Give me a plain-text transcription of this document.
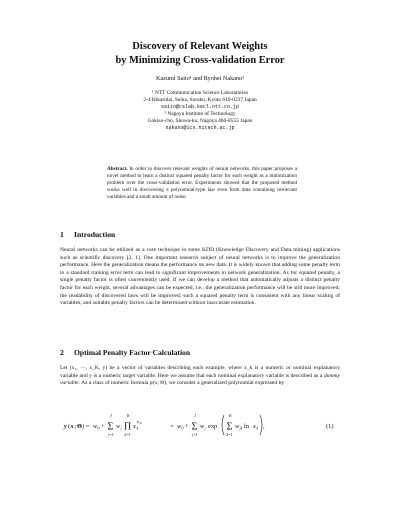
Discovery of Relevant Weights
by Minimizing Cross-validation Error
Kazumi Saito¹ and Ryohei Nakano²
¹ NTT Communication Science Laboratories
2-4 Hikaridai, Seika, Soraku, Kyoto 619-0237 Japan
saito@cslab.kecl.ntt.co.jp
² Nagoya Institute of Technology
Gokiso-cho, Showa-ku, Nagoya 466-8555 Japan
nakano@ics.nitech.ac.jp
Abstract. In order to discover relevant weights of neural networks, this paper proposes a novel method to learn a distinct squared penalty factor for each weight as a minimization problem over the cross-validation error. Experiments showed that the proposed method works well in discovering a polynomial-type law even from data containing irrelevant variables and a small amount of noise.
1 Introduction
Neural networks can be utilized as a core technique in some KDD (Knowledge Discovery and Data mining) applications such as scientific discovery [2, 1]. One important research subject of neural networks is to improve the generalization performance. Here the generalization means the performance on new data. It is widely known that adding some penalty term to a standard training error term can lead to significant improvements in network generalization. As for squared penalty, a single penalty factor is often conveniently used. If we can develop a method that automatically adjusts a distinct penalty factor for each weight, several advantages can be expected, i.e., the generalization performance will be still more improved; the readability of discovered laws will be improved; such a squared penalty term is consistent with any linear scaling of variables; and suitable penalty factors can be determined without inaccurate estimation.
2 Optimal Penalty Factor Calculation
Let (x₁, ···, x_K, y) be a vector of variables describing each example, where x_k is a numeric or nominal explanatory variable and y is a numeric target variable. Here we assume that each nominal explanatory variable is described as a dummy variable. As a class of numeric formula p(x; Θ), we consider a generalized polynomial expressed by
y ( x ; Θ ) = w 0 +
J
Σ
j =1
w j
K
Π
k =1
x k
w jk	= w 0 +
J
Σ
j =1
w j exp
K
Σ
k =1
w jk ln x k ,	(1)
